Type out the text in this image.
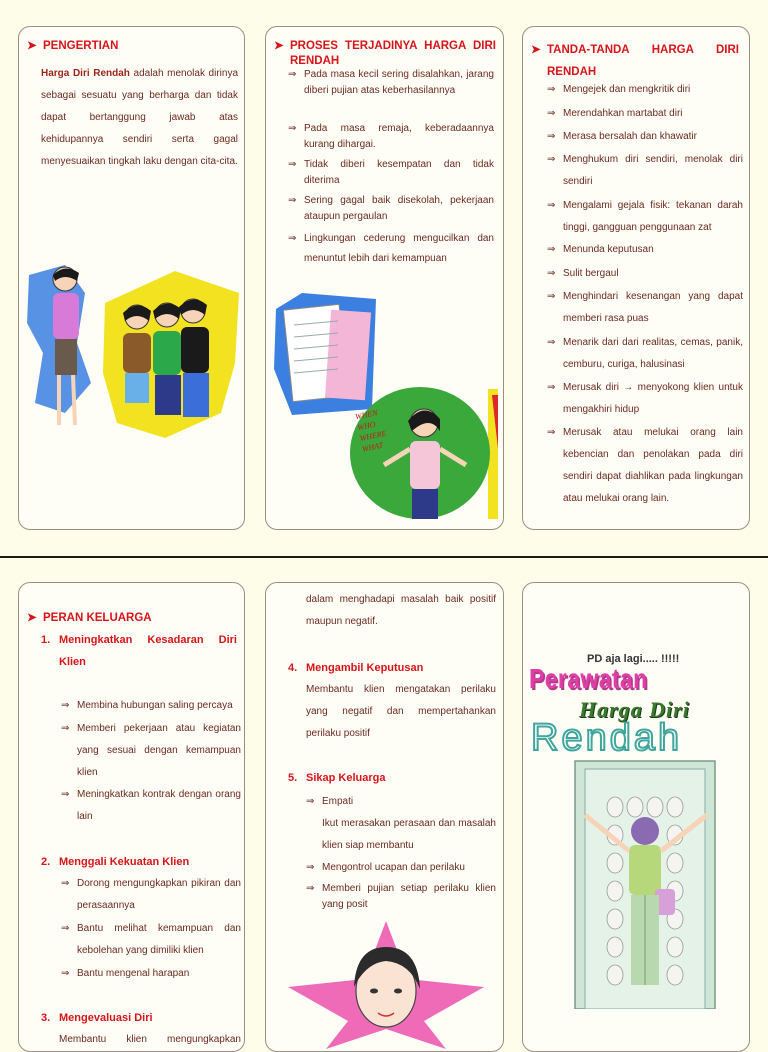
➤ PENGERTIAN
Harga Diri Rendah adalah menolak dirinya sebagai sesuatu yang berharga dan tidak dapat bertanggung jawab atas kehidupannya sendiri serta gagal menyesuaikan tingkah laku dengan cita-cita.
➤ PROSES TERJADINYA HARGA DIRI
RENDAH
⇒ Pada masa kecil sering disalahkan, jarang diberi pujian atas keberhasilannya
⇒ Pada masa remaja, keberadaannya kurang dihargai.
⇒ Tidak diberi kesempatan dan tidak diterima
⇒ Sering gagal baik disekolah, pekerjaan ataupun pergaulan
⇒ Lingkungan cederung mengucilkan dan menuntut lebih dari kemampuan
WHEN
WHO
WHERE
WHAT
➤ TANDA-TANDA HARGA DIRI
RENDAH
⇒ Mengejek dan mengkritik diri
⇒ Merendahkan martabat diri
⇒ Merasa bersalah dan khawatir
⇒ Menghukum diri sendiri, menolak diri sendiri
⇒ Mengalami gejala fisik: tekanan darah tinggi, gangguan penggunaan zat
⇒ Menunda keputusan
⇒ Sulit bergaul
⇒ Menghindari kesenangan yang dapat memberi rasa puas
⇒ Menarik dari dari realitas, cemas, panik, cemburu, curiga, halusinasi
⇒ Merusak diri → menyokong klien untuk mengakhiri hidup
⇒ Merusak atau melukai orang lain kebencian dan penolakan pada diri sendiri dapat diahlikan pada lingkungan atau melukai orang lain.
➤ PERAN KELUARGA
1. Meningkatkan Kesadaran Diri
Klien
⇒ Membina hubungan saling percaya
⇒ Memberi pekerjaan atau kegiatan yang sesuai dengan kemampuan klien
⇒ Meningkatkan kontrak dengan orang lain
2. Menggali Kekuatan Klien
⇒ Dorong mengungkapkan pikiran dan perasaannya
⇒ Bantu melihat kemampuan dan kebolehan yang dimiliki klien
⇒ Bantu mengenal harapan
3. Mengevaluasi Diri
Membantu klien mengungkapkan
dalam menghadapi masalah baik positif maupun negatif.
4. Mengambil Keputusan
Membantu klien mengatakan perilaku yang negatif dan mempertahankan perilaku positif
5. Sikap Keluarga
⇒ Empati
Ikut merasakan perasaan dan masalah klien siap membantu
⇒ Mengontrol ucapan dan perilaku
⇒ Memberi pujian setiap perilaku klien yang posit
PD aja lagi..... !!!!!
Perawatan
Harga Diri
Rendah
